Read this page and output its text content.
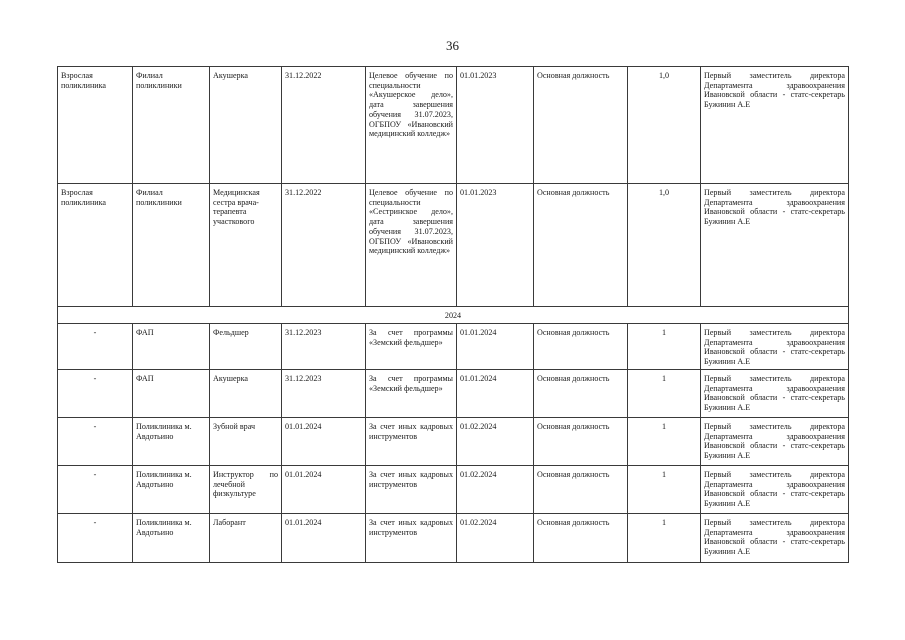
36
Взрослая поликлиника	Филиал поликлиники	Акушерка	31.12.2022	Целевое обучение по специальности «Акушерское дело», дата завершения обучения 31.07.2023, ОГБПОУ «Ивановский медицинский колледж»	01.01.2023	Основная должность	1,0	Первый заместитель директора Департамента здравоохранения Ивановской области - статс-секретарь Бужинин А.Е
Взрослая поликлиника	Филиал поликлиники	Медицинская сестра врача-терапевта участкового	31.12.2022	Целевое обучение по специальности «Сестринское дело», дата завершения обучения 31.07.2023, ОГБПОУ «Ивановский медицинский колледж»	01.01.2023	Основная должность	1,0	Первый заместитель директора Департамента здравоохранения Ивановской области - статс-секретарь Бужинин А.Е
2024								
-	ФАП	Фельдшер	31.12.2023	За счет программы «Земский фельдшер»	01.01.2024	Основная должность	1	Первый заместитель директора Департамента здравоохранения Ивановской области - статс-секретарь Бужинин А.Е
-	ФАП	Акушерка	31.12.2023	За счет программы «Земский фельдшер»	01.01.2024	Основная должность	1	Первый заместитель директора Департамента здравоохранения Ивановской области - статс-секретарь Бужинин А.Е
-	Поликлиника м. Авдотьино	Зубной врач	01.01.2024	За счет иных кадровых инструментов	01.02.2024	Основная должность	1	Первый заместитель директора Департамента здравоохранения Ивановской области - статс-секретарь Бужинин А.Е
-	Поликлиника м. Авдотьино	Инструктор по лечебной физкультуре	01.01.2024	За счет иных кадровых инструментов	01.02.2024	Основная должность	1	Первый заместитель директора Департамента здравоохранения Ивановской области - статс-секретарь Бужинин А.Е
-	Поликлиника м. Авдотьино	Лаборант	01.01.2024	За счет иных кадровых инструментов	01.02.2024	Основная должность	1	Первый заместитель директора Департамента здравоохранения Ивановской области - статс-секретарь Бужинин А.Е
